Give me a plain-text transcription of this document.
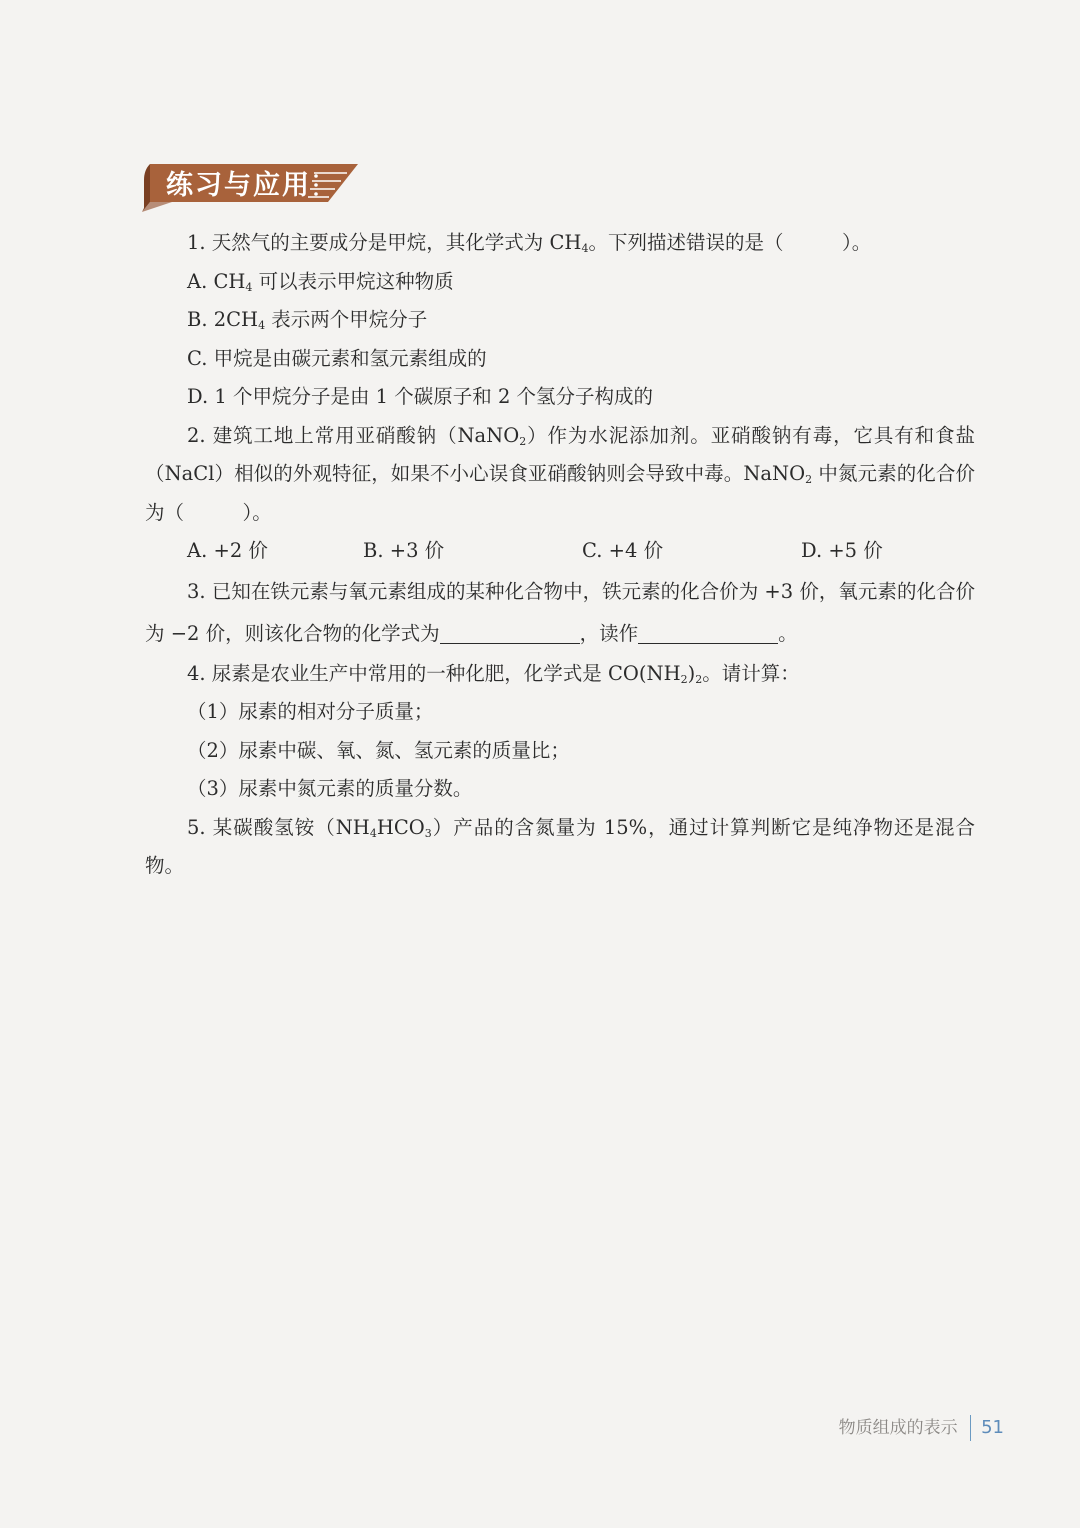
练习与应用
1. 天然气的主要成分是甲烷，其化学式为 $CH_4$。下列描述错误的是（　　　）。
A. $CH_4$ 可以表示甲烷这种物质
B. $2CH_4$ 表示两个甲烷分子
C. 甲烷是由碳元素和氢元素组成的
D. 1 个甲烷分子是由 1 个碳原子和 2 个氢分子构成的
2. 建筑工地上常用亚硝酸钠（NaNO$_2$）作为水泥添加剂。亚硝酸钠有毒，它具有和食盐（NaCl）相似的外观特征，如果不小心误食亚硝酸钠则会导致中毒。NaNO$_2$ 中氮元素的化合价为（　　　）。
A. +2 价	B. +3 价	C. +4 价	D. +5 价
3. 已知在铁元素与氧元素组成的某种化合物中，铁元素的化合价为 +3 价，氧元素的化合价为 −2 价，则该化合物的化学式为	，读作	。
4. 尿素是农业生产中常用的一种化肥，化学式是 $CO(NH_2)_2$。请计算：
（1）尿素的相对分子质量；
（2）尿素中碳、氧、氮、氢元素的质量比；
（3）尿素中氮元素的质量分数。
5. 某碳酸氢铵$(NH_4HCO_3)$产品的含氮量为 15%，通过计算判断它是纯净物还是混合物。
物质组成的表示 51
